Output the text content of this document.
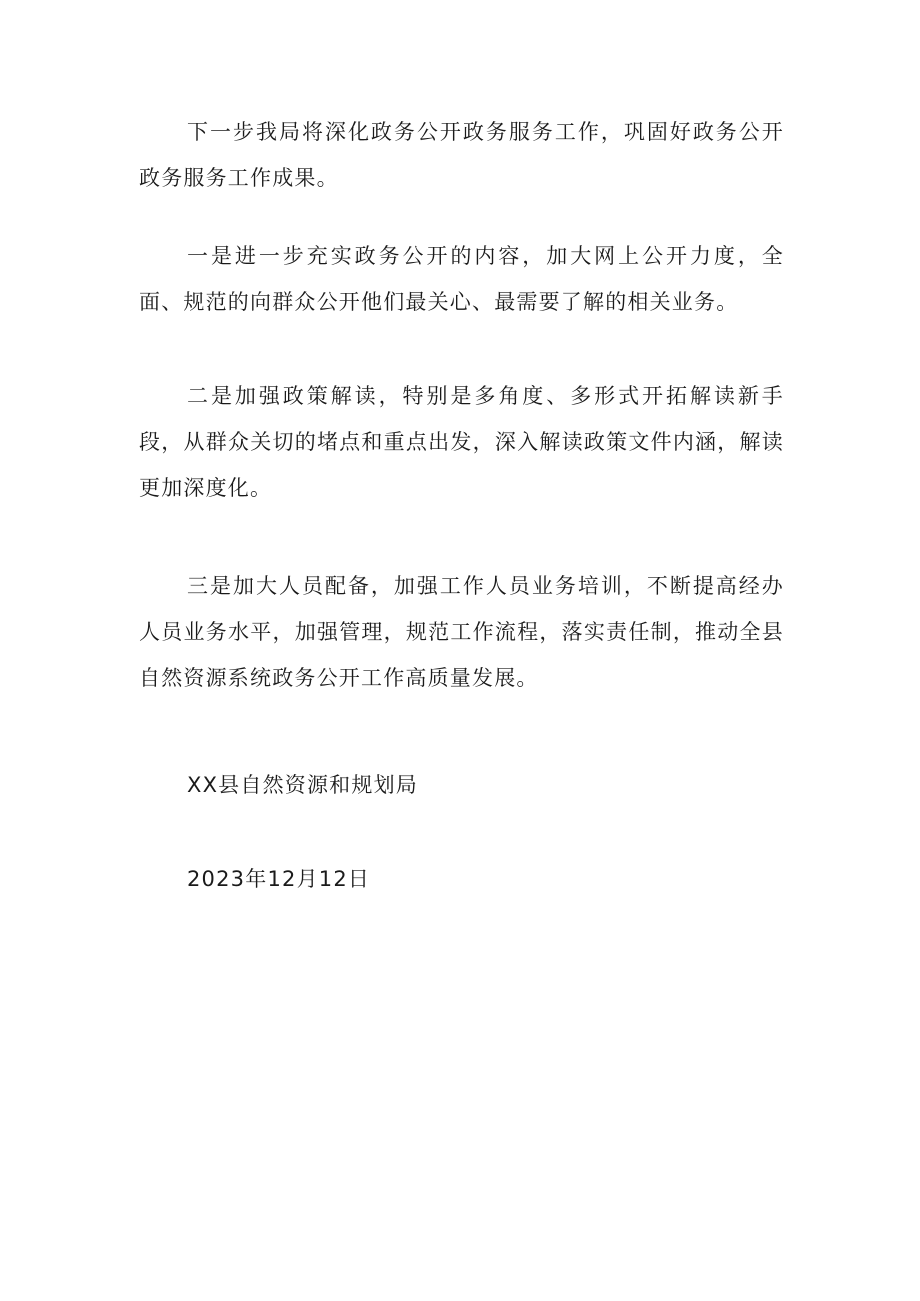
下一步我局将深化政务公开政务服务工作，巩固好政务公开政务服务工作成果。

一是进一步充实政务公开的内容，加大网上公开力度，全面、规范的向群众公开他们最关心、最需要了解的相关业务。

二是加强政策解读，特别是多角度、多形式开拓解读新手段，从群众关切的堵点和重点出发，深入解读政策文件内涵，解读更加深度化。

三是加大人员配备，加强工作人员业务培训，不断提高经办人员业务水平，加强管理，规范工作流程，落实责任制，推动全县自然资源系统政务公开工作高质量发展。

XX县自然资源和规划局

2023年12月12日
